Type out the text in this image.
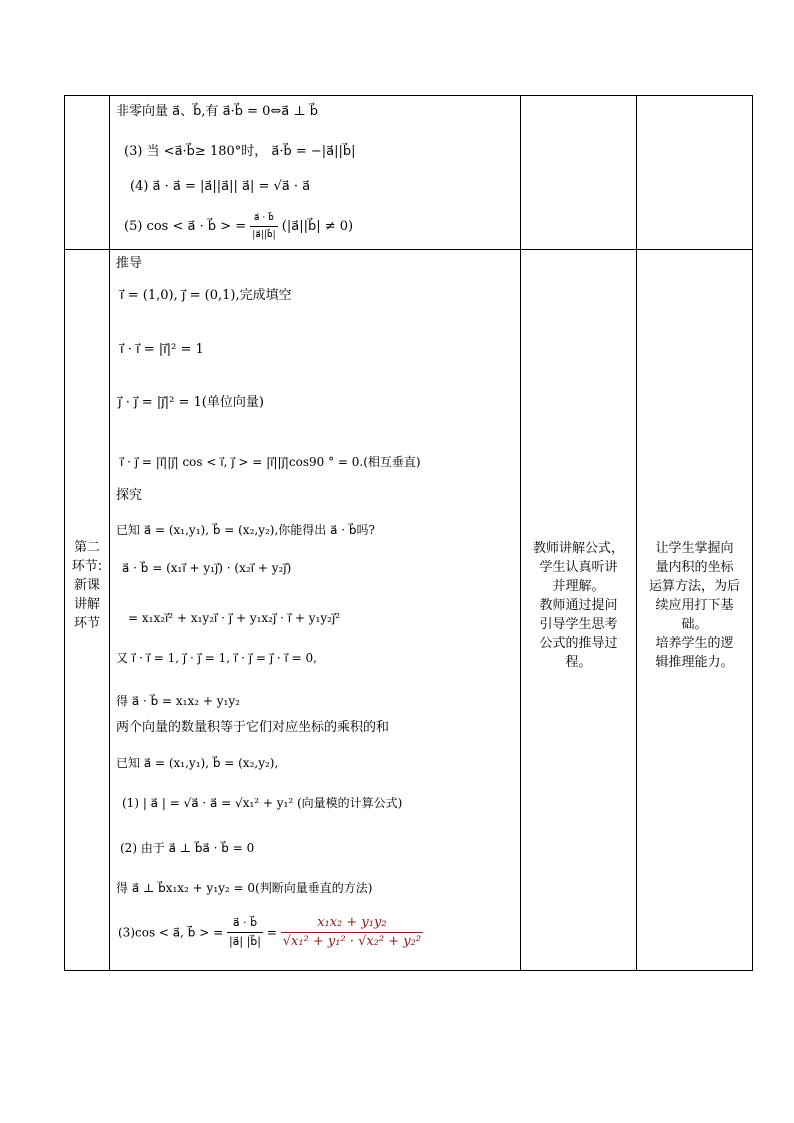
非零向量 a⃗、b⃗,有 a⃗·b⃗ = 0⇔a⃗ ⊥ b⃗
(3) 当 <a⃗·b⃗≥ 180°时， a⃗·b⃗ = −|a⃗||b⃗|
(4) a⃗ · a⃗ = |a⃗||a⃗|| a⃗| = √a⃗ · a⃗
(5) cos < a⃗ · b⃗ > = $\frac{a⃗ \cdot b⃗}{|a⃗||b⃗|}$ (|a⃗||b⃗| ≠ 0)
第二
环节:
新课
讲解
环节
推导
i⃗ = (1,0), j⃗ = (0,1),完成填空
i⃗ · i⃗ = |i⃗|² = 1
j⃗ · j⃗ = |j⃗|² = 1(单位向量)
i⃗ · j⃗ = |i⃗||j⃗| cos < i⃗, j⃗ > = |i⃗||j⃗|cos90 ° = 0.(相互垂直)
探究
已知 a⃗ = (x₁,y₁), b⃗ = (x₂,y₂),你能得出 a⃗ · b⃗吗?
a⃗ · b⃗ = (x₁i⃗ + y₁j⃗) · (x₂i⃗ + y₂j⃗)
= x₁x₂i⃗² + x₁y₂i⃗ · j⃗ + y₁x₂j⃗ · i⃗ + y₁y₂j⃗²
又 i⃗ · i⃗ = 1, j⃗ · j⃗ = 1, i⃗ · j⃗ = j⃗ · i⃗ = 0,
得 a⃗ · b⃗ = x₁x₂ + y₁y₂
两个向量的数量积等于它们对应坐标的乘积的和
已知 a⃗ = (x₁,y₁), b⃗ = (x₂,y₂),
(1) | a⃗ | = √a⃗ · a⃗ = √x₁² + y₁² (向量模的计算公式)
(2) 由于 a⃗ ⊥ b⃗a⃗ · b⃗ = 0
得 a⃗ ⊥ b⃗x₁x₂ + y₁y₂ = 0(判断向量垂直的方法)
(3)cos < a⃗, b⃗ > = $\frac{a⃗ \cdot b⃗}{|a⃗| |b⃗|} = \frac{\text{x₁x₂ + y₁y₂}}{\text{√x₁² + y₁² · √x₂² + y₂²}}$
教师讲解公式，
学生认真听讲
并理解。
教师通过提问
引导学生思考
公式的推导过
程。
让学生掌握向
量内积的坐标
运算方法，为后
续应用打下基
础。
培养学生的逻
辑推理能力。
